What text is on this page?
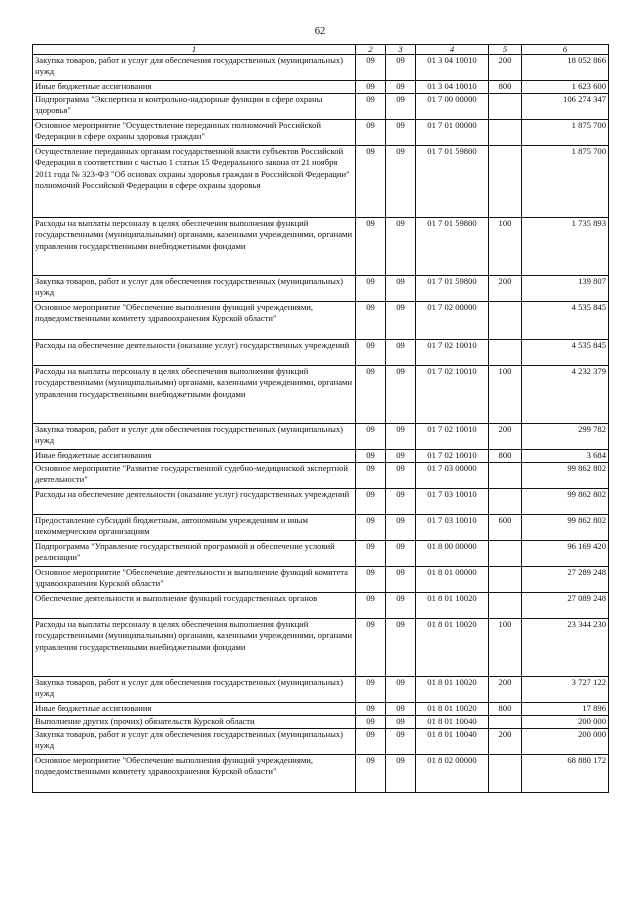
62
1	2	3	4	5	6
Закупка товаров, работ и услуг для обеспечения государственных (муниципальных) нужд	09	09	01 3 04 10010	200	18 052 866
Иные бюджетные ассигнования	09	09	01 3 04 10010	800	1 623 600
Подпрограмма "Экспертиза и контрольно-надзорные функции в сфере охраны здоровья"	09	09	01 7 00 00000		106 274 347
Основное мероприятие "Осуществление переданных полномочий Российской Федерации в сфере охраны здоровья граждан"	09	09	01 7 01 00000		1 875 700
Осуществление переданных органам государственной власти субъектов Российской Федерации в соответствии с частью 1 статьи 15 Федерального закона от 21 ноября 2011 года № 323-ФЗ "Об основах охраны здоровья граждан в Российской Федерации" полномочий Российской Федерации в сфере охраны здоровья	09	09	01 7 01 59800		1 875 700
Расходы на выплаты персоналу в целях обеспечения выполнения функций государственными (муниципальными) органами, казенными учреждениями, органами управления государственными внебюджетными фондами	09	09	01 7 01 59800	100	1 735 893
Закупка товаров, работ и услуг для обеспечения государственных (муниципальных) нужд	09	09	01 7 01 59800	200	139 807
Основное мероприятие "Обеспечение выполнения функций учреждениями, подведомственными комитету здравоохранения Курской области"	09	09	01 7 02 00000		4 535 845
Расходы на обеспечение деятельности (оказание услуг) государственных учреждений	09	09	01 7 02 10010		4 535 845
Расходы на выплаты персоналу в целях обеспечения выполнения функций государственными (муниципальными) органами, казенными учреждениями, органами управления государственными внебюджетными фондами	09	09	01 7 02 10010	100	4 232 379
Закупка товаров, работ и услуг для обеспечения государственных (муниципальных) нужд	09	09	01 7 02 10010	200	299 782
Иные бюджетные ассигнования	09	09	01 7 02 10010	800	3 684
Основное мероприятие "Развитие государственной судебно-медицинской экспертной деятельности"	09	09	01 7 03 00000		99 862 802
Расходы на обеспечение деятельности (оказание услуг) государственных учреждений	09	09	01 7 03 10010		99 862 802
Предоставление субсидий бюджетным, автономным учреждениям и иным некоммерческим организациям	09	09	01 7 03 10010	600	99 862 802
Подпрограмма "Управление государственной программой и обеспечение условий реализации"	09	09	01 8 00 00000		96 169 420
Основное мероприятие "Обеспечение деятельности и выполнение функций комитета здравоохранения Курской области"	09	09	01 8 01 00000		27 289 248
Обеспечение деятельности и выполнение функций государственных органов	09	09	01 8 01 10020		27 089 248
Расходы на выплаты персоналу в целях обеспечения выполнения функций государственными (муниципальными) органами, казенными учреждениями, органами управления государственными внебюджетными фондами	09	09	01 8 01 10020	100	23 344 230
Закупка товаров, работ и услуг для обеспечения государственных (муниципальных) нужд	09	09	01 8 01 10020	200	3 727 122
Иные бюджетные ассигнования	09	09	01 8 01 10020	800	17 896
Выполнение других (прочих) обязательств Курской области	09	09	01 8 01 10040		200 000
Закупка товаров, работ и услуг для обеспечения государственных (муниципальных) нужд	09	09	01 8 01 10040	200	200 000
Основное мероприятие "Обеспечение выполнения функций учреждениями, подведомственными комитету здравоохранения Курской области"	09	09	01 8 02 00000		68 880 172
